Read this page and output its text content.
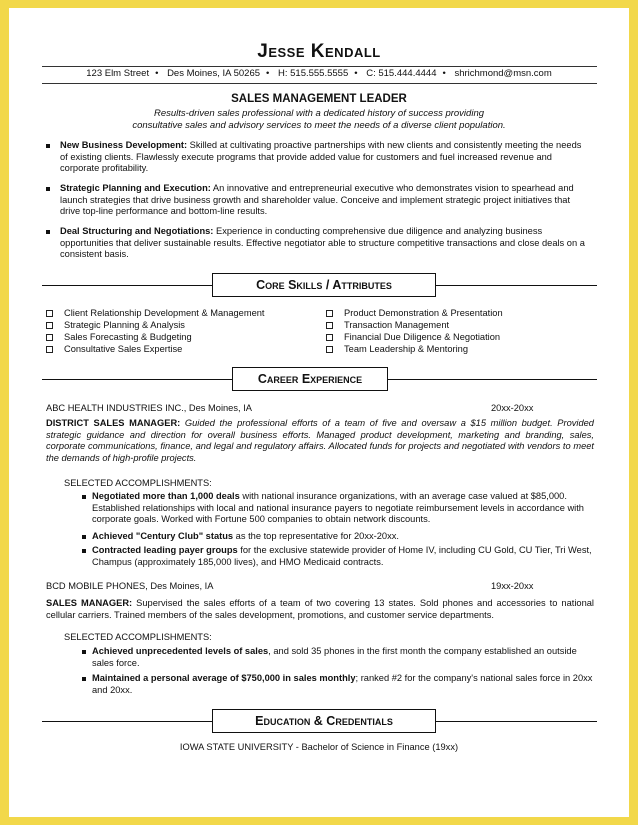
Jesse Kendall
123 Elm Street • Des Moines, IA 50265 • H: 515.555.5555 • C: 515.444.4444 • shrichmond@msn.com
SALES MANAGEMENT LEADER
Results-driven sales professional with a dedicated history of success providing consultative sales and advisory services to meet the needs of a diverse client population.

New Business Development: Skilled at cultivating proactive partnerships with new clients and consistently meeting the needs of existing clients. Flawlessly execute programs that provide added value for customers and fuel increased revenue and corporate profitability.

Strategic Planning and Execution: An innovative and entrepreneurial executive who demonstrates vision to spearhead and launch strategies that drive business growth and shareholder value. Conceive and implement strategic project initiatives that drive top-line performance and bottom-line results.

Deal Structuring and Negotiations: Experience in conducting comprehensive due diligence and analyzing business opportunities that deliver sustainable results. Effective negotiator able to structure competitive transactions and close deals on a consistent basis.

Core Skills / Attributes
Client Relationship Development & Management
Strategic Planning & Analysis
Sales Forecasting & Budgeting
Consultative Sales Expertise
Product Demonstration & Presentation
Transaction Management
Financial Due Diligence & Negotiation
Team Leadership & Mentoring
Career Experience
ABC HEALTH INDUSTRIES INC., Des Moines, IA	20xx-20xx
DISTRICT SALES MANAGER: Guided the professional efforts of a team of five and oversaw a $15 million budget. Provided strategic guidance and direction for overall business efforts. Managed product development, marketing and branding, sales, corporate communications, finance, and legal and regulatory affairs. Allocated funds for projects and negotiated with vendors to meet the demands of high-profile projects.
SELECTED ACCOMPLISHMENTS:

Negotiated more than 1,000 deals with national insurance organizations, with an average case valued at $85,000. Established relationships with local and national insurance payers to negotiate reimbursement levels in accordance with corporate goals. Worked with Fortune 500 companies to obtain network discounts.

Achieved "Century Club" status as the top representative for 20xx-20xx.

Contracted leading payer groups for the exclusive statewide provider of Home IV, including CU Gold, CU Tier, Tri West, Champus (approximately 185,000 lives), and HMO Medicaid contracts.

BCD MOBILE PHONES, Des Moines, IA	19xx-20xx
SALES MANAGER: Supervised the sales efforts of a team of two covering 13 states. Sold phones and accessories to national cellular carriers. Trained members of the sales development, promotions, and customer service departments.
SELECTED ACCOMPLISHMENTS:

Achieved unprecedented levels of sales, and sold 35 phones in the first month the company established an outside sales force.

Maintained a personal average of $750,000 in sales monthly; ranked #2 for the company's national sales force in 20xx and 20xx.

Education & Credentials
IOWA STATE UNIVERSITY - Bachelor of Science in Finance (19xx)
